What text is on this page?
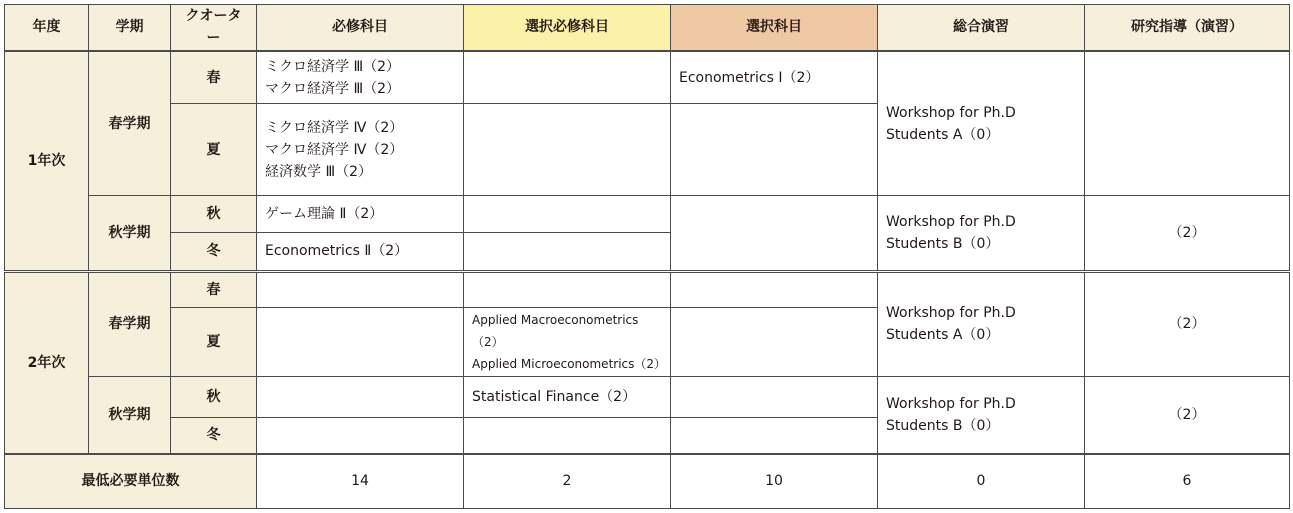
年度	学期	クオーター	必修科目	選択必修科目	選択科目	総合演習	研究指導（演習）
1年次	春学期	春	ミクロ経済学 Ⅲ（2）
マクロ経済学 Ⅲ（2）		Econometrics Ⅰ（2）	Workshop for Ph.D
Students A（0）	

		夏	ミクロ経済学 Ⅳ（2）
マクロ経済学 Ⅳ（2）
経済数学 Ⅲ（2）				

	秋学期	秋	ゲーム理論 Ⅱ（2）			Workshop for Ph.D
Students B（0）	（2）
		冬	Econometrics Ⅱ（2）				

2年次	春学期	春				Workshop for Ph.D
Students A（0）	（2）
		夏		Applied Macroeconometrics（2）
Applied Microeconometrics（2）			

	秋学期	秋		Statistical Finance（2）		Workshop for Ph.D
Students B（0）	（2）
		冬					
最低必要単位数			14	2	10	0	6
